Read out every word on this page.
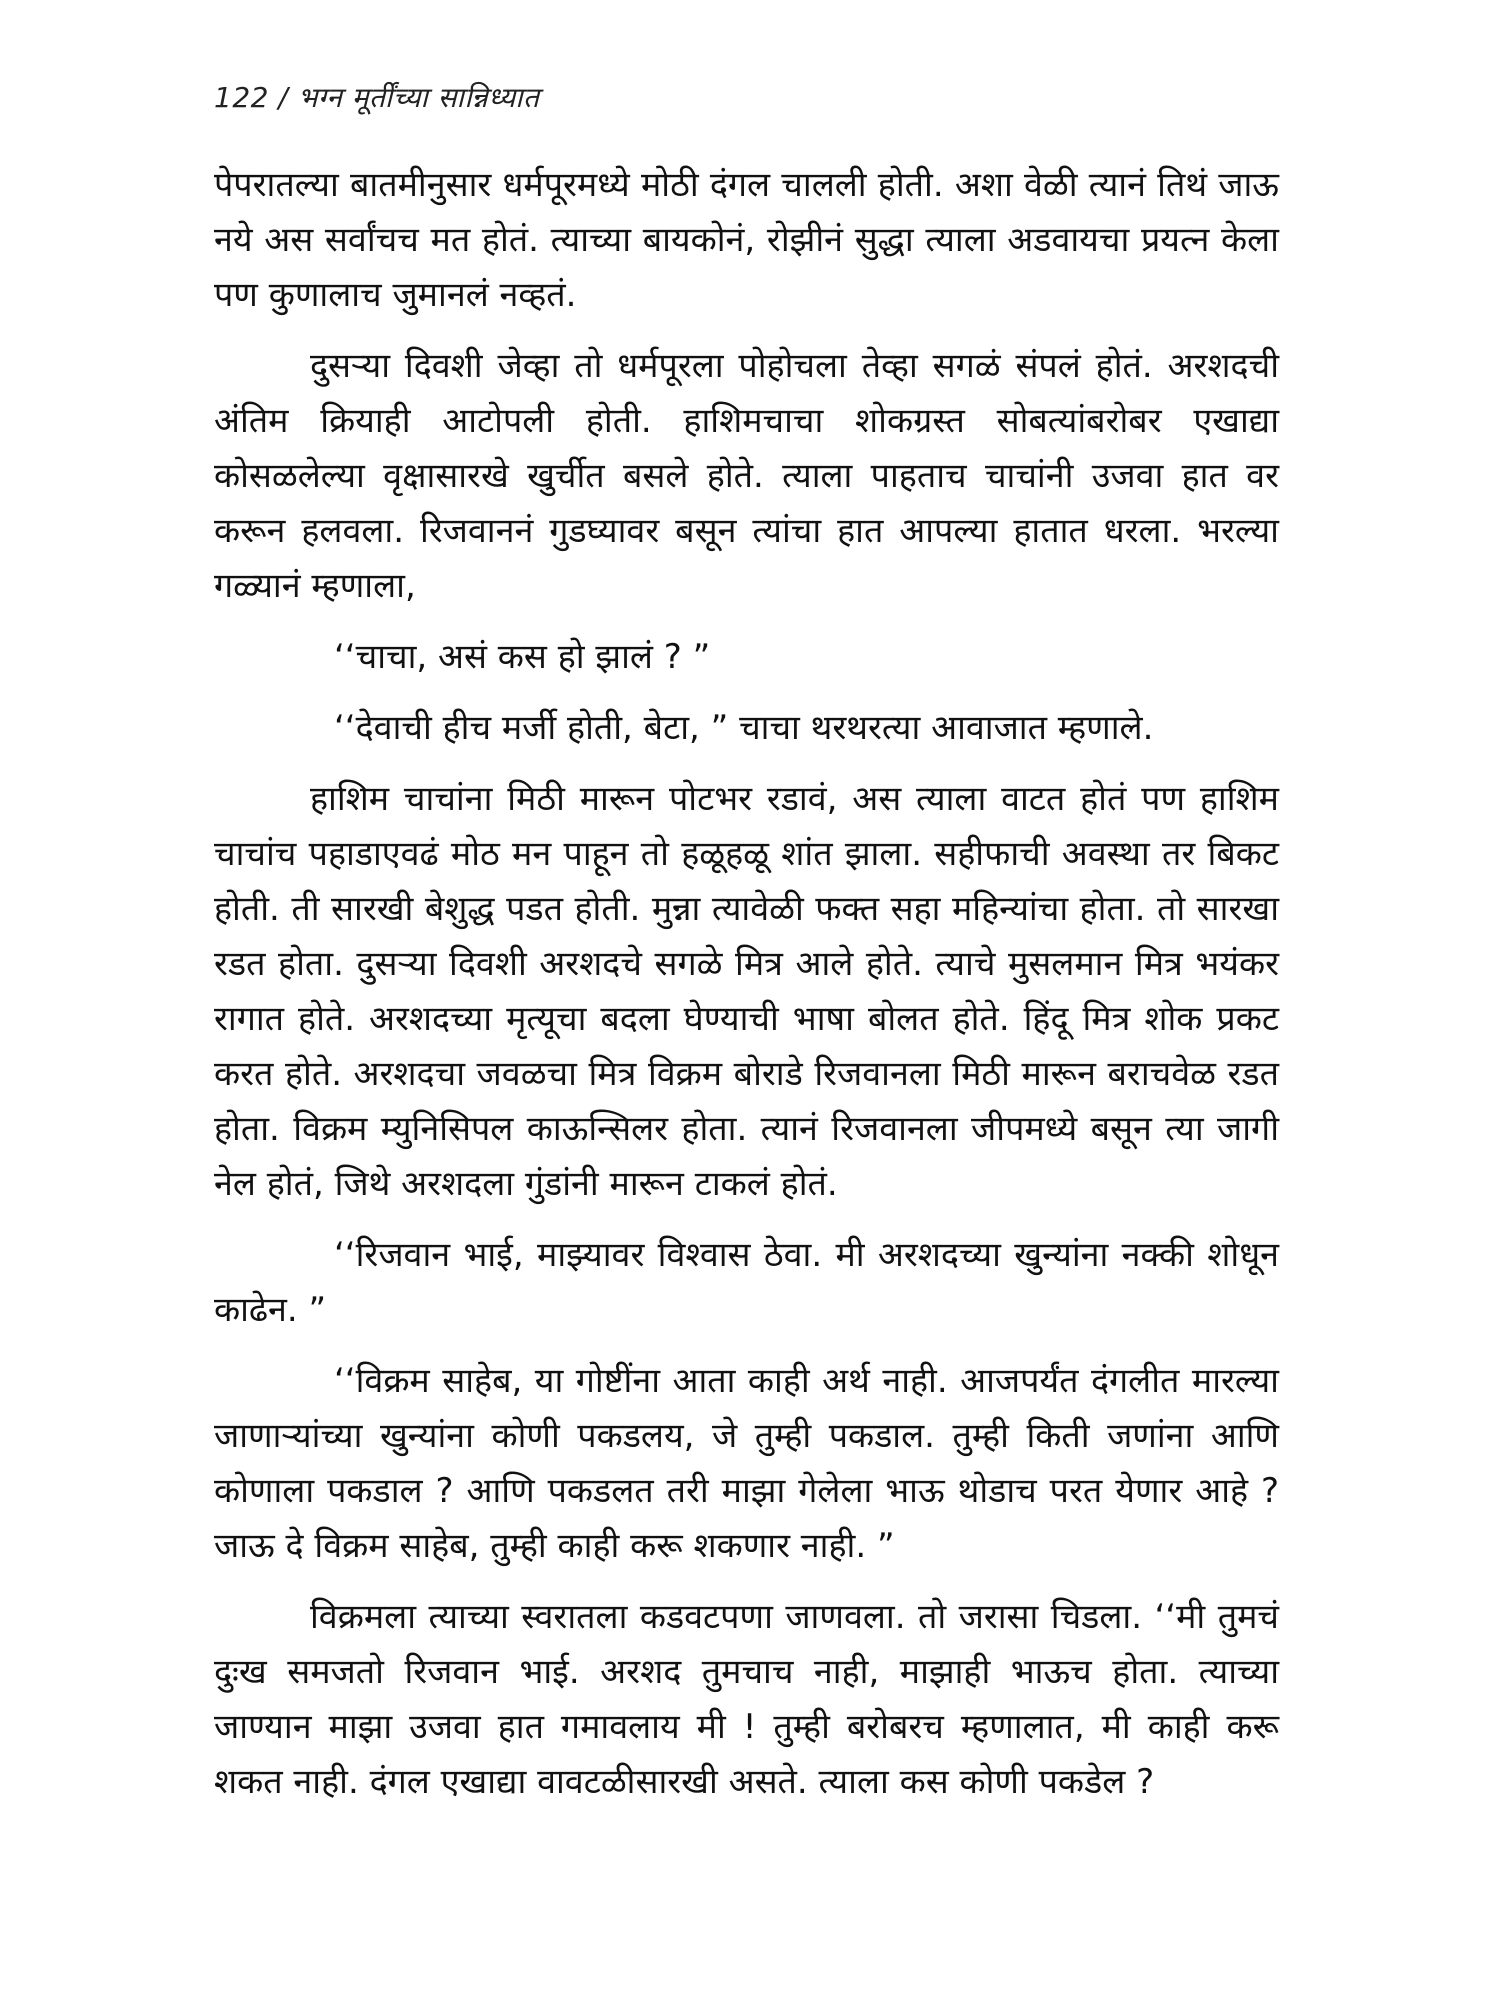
122 / भग्न मूर्तींच्या सान्निध्यात

पेपरातल्या बातमीनुसार धर्मपूरमध्ये मोठी दंगल चालली होती. अशा वेळी त्यानं तिथं जाऊ नये अस सर्वांचच मत होतं. त्याच्या बायकोनं, रोझीनं सुद्धा त्याला अडवायचा प्रयत्न केला पण कुणालाच जुमानलं नव्हतं.

दुसऱ्या दिवशी जेव्हा तो धर्मपूरला पोहोचला तेव्हा सगळं संपलं होतं. अरशदची अंतिम क्रियाही आटोपली होती. हाशिमचाचा शोकग्रस्त सोबत्यांबरोबर एखाद्या कोसळलेल्या वृक्षासारखे खुर्चीत बसले होते. त्याला पाहताच चाचांनी उजवा हात वर करून हलवला. रिजवाननं गुडघ्यावर बसून त्यांचा हात आपल्या हातात धरला. भरल्या गळ्यानं म्हणाला,

‘‘चाचा, असं कस हो झालं ? ”

‘‘देवाची हीच मर्जी होती, बेटा, ” चाचा थरथरत्या आवाजात म्हणाले.

हाशिम चाचांना मिठी मारून पोटभर रडावं, अस त्याला वाटत होतं पण हाशिम चाचांच पहाडाएवढं मोठ मन पाहून तो हळूहळू शांत झाला. सहीफाची अवस्था तर बिकट होती. ती सारखी बेशुद्ध पडत होती. मुन्ना त्यावेळी फक्त सहा महिन्यांचा होता. तो सारखा रडत होता. दुसऱ्या दिवशी अरशदचे सगळे मित्र आले होते. त्याचे मुसलमान मित्र भयंकर रागात होते. अरशदच्या मृत्यूचा बदला घेण्याची भाषा बोलत होते. हिंदू मित्र शोक प्रकट करत होते. अरशदचा जवळचा मित्र विक्रम बोराडे रिजवानला मिठी मारून बराचवेळ रडत होता. विक्रम म्युनिसिपल काऊन्सिलर होता. त्यानं रिजवानला जीपमध्ये बसून त्या जागी नेल होतं, जिथे अरशदला गुंडांनी मारून टाकलं होतं.

‘‘रिजवान भाई, माझ्यावर विश्वास ठेवा. मी अरशदच्या खुन्यांना नक्की शोधून काढेन. ”

‘‘विक्रम साहेब, या गोष्टींना आता काही अर्थ नाही. आजपर्यंत दंगलीत मारल्या जाणाऱ्यांच्या खुन्यांना कोणी पकडलय, जे तुम्ही पकडाल. तुम्ही किती जणांना आणि कोणाला पकडाल ? आणि पकडलत तरी माझा गेलेला भाऊ थोडाच परत येणार आहे ? जाऊ दे विक्रम साहेब, तुम्ही काही करू शकणार नाही. ”

विक्रमला त्याच्या स्वरातला कडवटपणा जाणवला. तो जरासा चिडला. ‘‘मी तुमचं दुःख समजतो रिजवान भाई. अरशद तुमचाच नाही, माझाही भाऊच होता. त्याच्या जाण्यान माझा उजवा हात गमावलाय मी ! तुम्ही बरोबरच म्हणालात, मी काही करू शकत नाही. दंगल एखाद्या वावटळीसारखी असते. त्याला कस कोणी पकडेल ?
